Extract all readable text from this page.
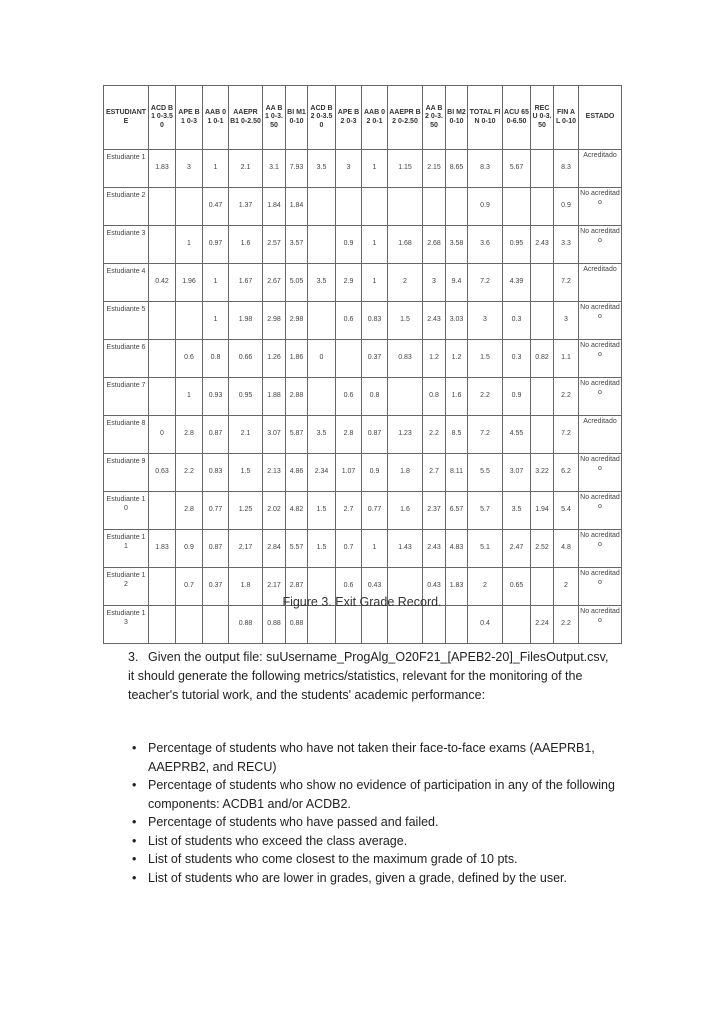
ESTUDIANTE	ACD B1 0-3.50	APE B1 0-3	AAB 01 0-1	AAEPR B1 0-2.50	AA B1 0-3.50	BI M1 0-10	ACD B2 0-3.50	APE B2 0-3	AAB 02 0-1	AAEPR B2 0-2.50	AA B2 0-3.50	BI M2 0-10	TOTAL FIN 0-10	ACU 65 0-6.50	REC U 0-3.50	FIN AL 0-10	ESTADO
Estudiante 1	1.83	3	1	2.1	3.1	7.93	3.5	3	1	1.15	2.15	8.65	8.3	5.67		8.3	Acreditado
Estudiante 2			0.47	1.37	1.84	1.84							0.9			0.9	No acreditado
Estudiante 3		1	0.97	1.6	2.57	3.57		0.9	1	1.68	2.68	3.58	3.6	0.95	2.43	3.3	No acreditado
Estudiante 4	0.42	1.96	1	1.67	2.67	5.05	3.5	2.9	1	2	3	9.4	7.2	4.39		7.2	Acreditado
Estudiante 5			1	1.98	2.98	2.98		0.6	0.83	1.5	2.43	3.03	3	0.3		3	No acreditado
Estudiante 6		0.6	0.8	0.66	1.26	1.86	0		0.37	0.83	1.2	1.2	1.5	0.3	0.82	1.1	No acreditado
Estudiante 7		1	0.93	0.95	1.88	2.88		0.6	0.8		0.8	1.6	2.2	0.9		2.2	No acreditado
Estudiante 8	0	2.8	0.87	2.1	3.07	5.87	3.5	2.8	0.87	1.23	2.2	8.5	7.2	4.55		7.2	Acreditado
Estudiante 9	0.63	2.2	0.83	1.5	2.13	4.86	2.34	1.07	0.9	1.8	2.7	8.11	5.5	3.07	3.22	6.2	No acreditado
Estudiante 10		2.8	0.77	1.25	2.02	4.82	1.5	2.7	0.77	1.6	2.37	6.57	5.7	3.5	1.94	5.4	No acreditado
Estudiante 11	1.83	0.9	0.87	2.17	2.84	5.57	1.5	0.7	1	1.43	2.43	4.83	5.1	2.47	2.52	4.8	No acreditado
Estudiante 12		0.7	0.37	1.8	2.17	2.87		0.6	0.43		0.43	1.83	2	0.65		2	No acreditado
Estudiante 13				0.88	0.88	0.88							0.4		2.24	2.2	No acreditado
Figure 3. Exit Grade Record.
3. Given the output file: suUsername_ProgAlg_O20F21_[APEB2-20]_FilesOutput.csv, it should generate the following metrics/statistics, relevant for the monitoring of the teacher's tutorial work, and the students' academic performance:
• Percentage of students who have not taken their face-to-face exams (AAEPRB1, AAEPRB2, and RECU)
• Percentage of students who show no evidence of participation in any of the following components: ACDB1 and/or ACDB2.
• Percentage of students who have passed and failed.
• List of students who exceed the class average.
• List of students who come closest to the maximum grade of 10 pts.
• List of students who are lower in grades, given a grade, defined by the user.
